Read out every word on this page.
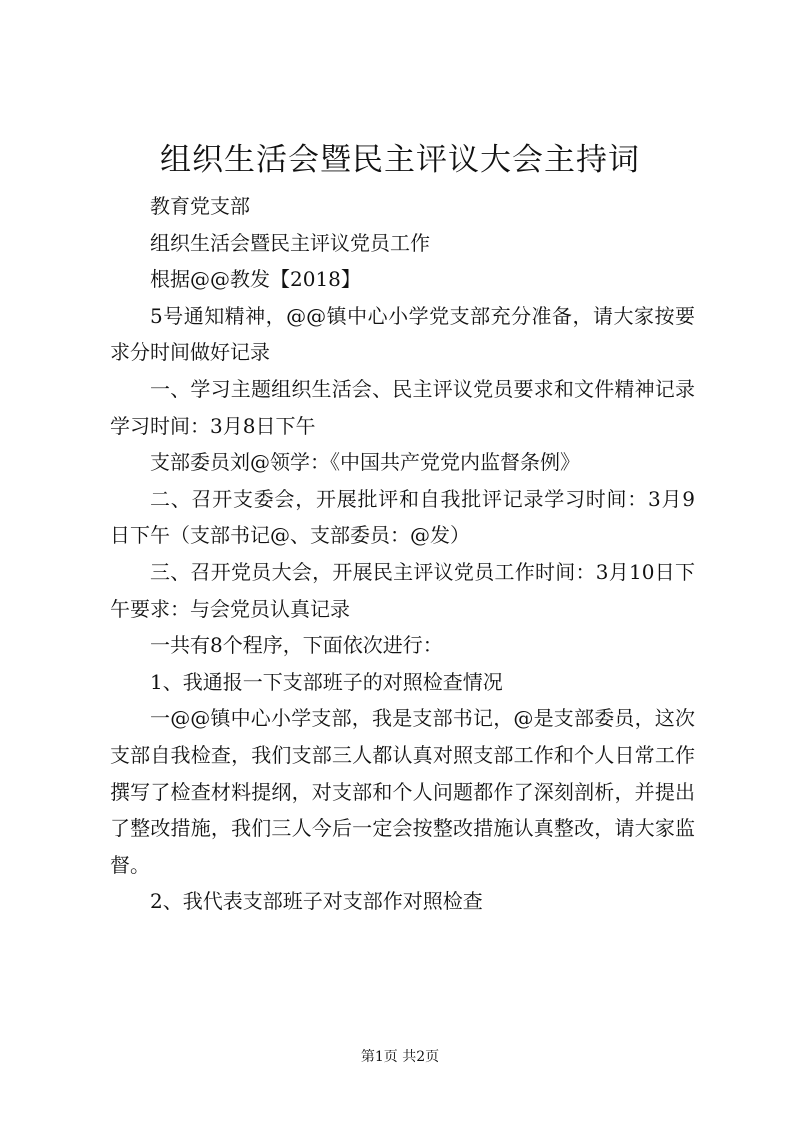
组织生活会暨民主评议大会主持词

教育党支部

组织生活会暨民主评议党员工作

根据@@教发【2018】

5号通知精神，@@镇中心小学党支部充分准备，请大家按要求分时间做好记录

一、学习主题组织生活会、民主评议党员要求和文件精神记录学习时间：3月8日下午

支部委员刘@领学：《中国共产党党内监督条例》

二、召开支委会，开展批评和自我批评记录学习时间：3月9日下午（支部书记@、支部委员：@发）

三、召开党员大会，开展民主评议党员工作时间：3月10日下午要求：与会党员认真记录

一共有8个程序，下面依次进行：

1、我通报一下支部班子的对照检查情况

一@@镇中心小学支部，我是支部书记，@是支部委员，这次支部自我检查，我们支部三人都认真对照支部工作和个人日常工作撰写了检查材料提纲，对支部和个人问题都作了深刻剖析，并提出了整改措施，我们三人今后一定会按整改措施认真整改，请大家监督。

2、我代表支部班子对支部作对照检查

第1页 共2页
